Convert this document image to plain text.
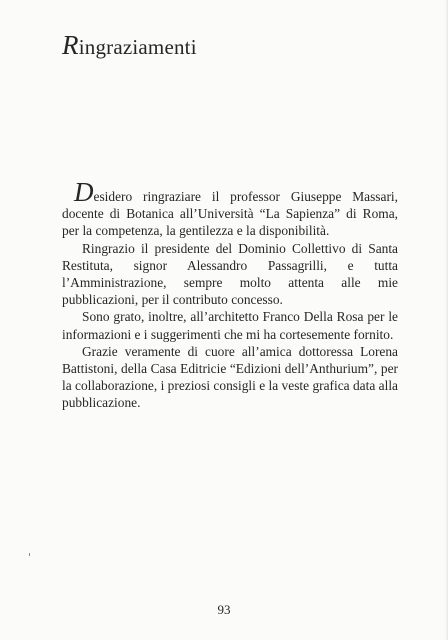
Ringraziamenti

Desidero ringraziare il professor Giuseppe Massari, docente di Botanica all’Università “La Sapienza” di Roma, per la competenza, la gentilezza e la disponibilità.

Ringrazio il presidente del Dominio Collettivo di Santa Restituta, signor Alessandro Passagrilli, e tutta l’Amministrazione, sempre molto attenta alle mie pubblicazioni, per il contributo concesso.

Sono grato, inoltre, all’architetto Franco Della Rosa per le informazioni e i suggerimenti che mi ha cortesemente fornito.

Grazie veramente di cuore all’amica dottoressa Lorena Battistoni, della Casa Editricie “Edizioni dell’Anthurium”, per la collaborazione, i preziosi consigli e la veste grafica data alla pubblicazione.

93
